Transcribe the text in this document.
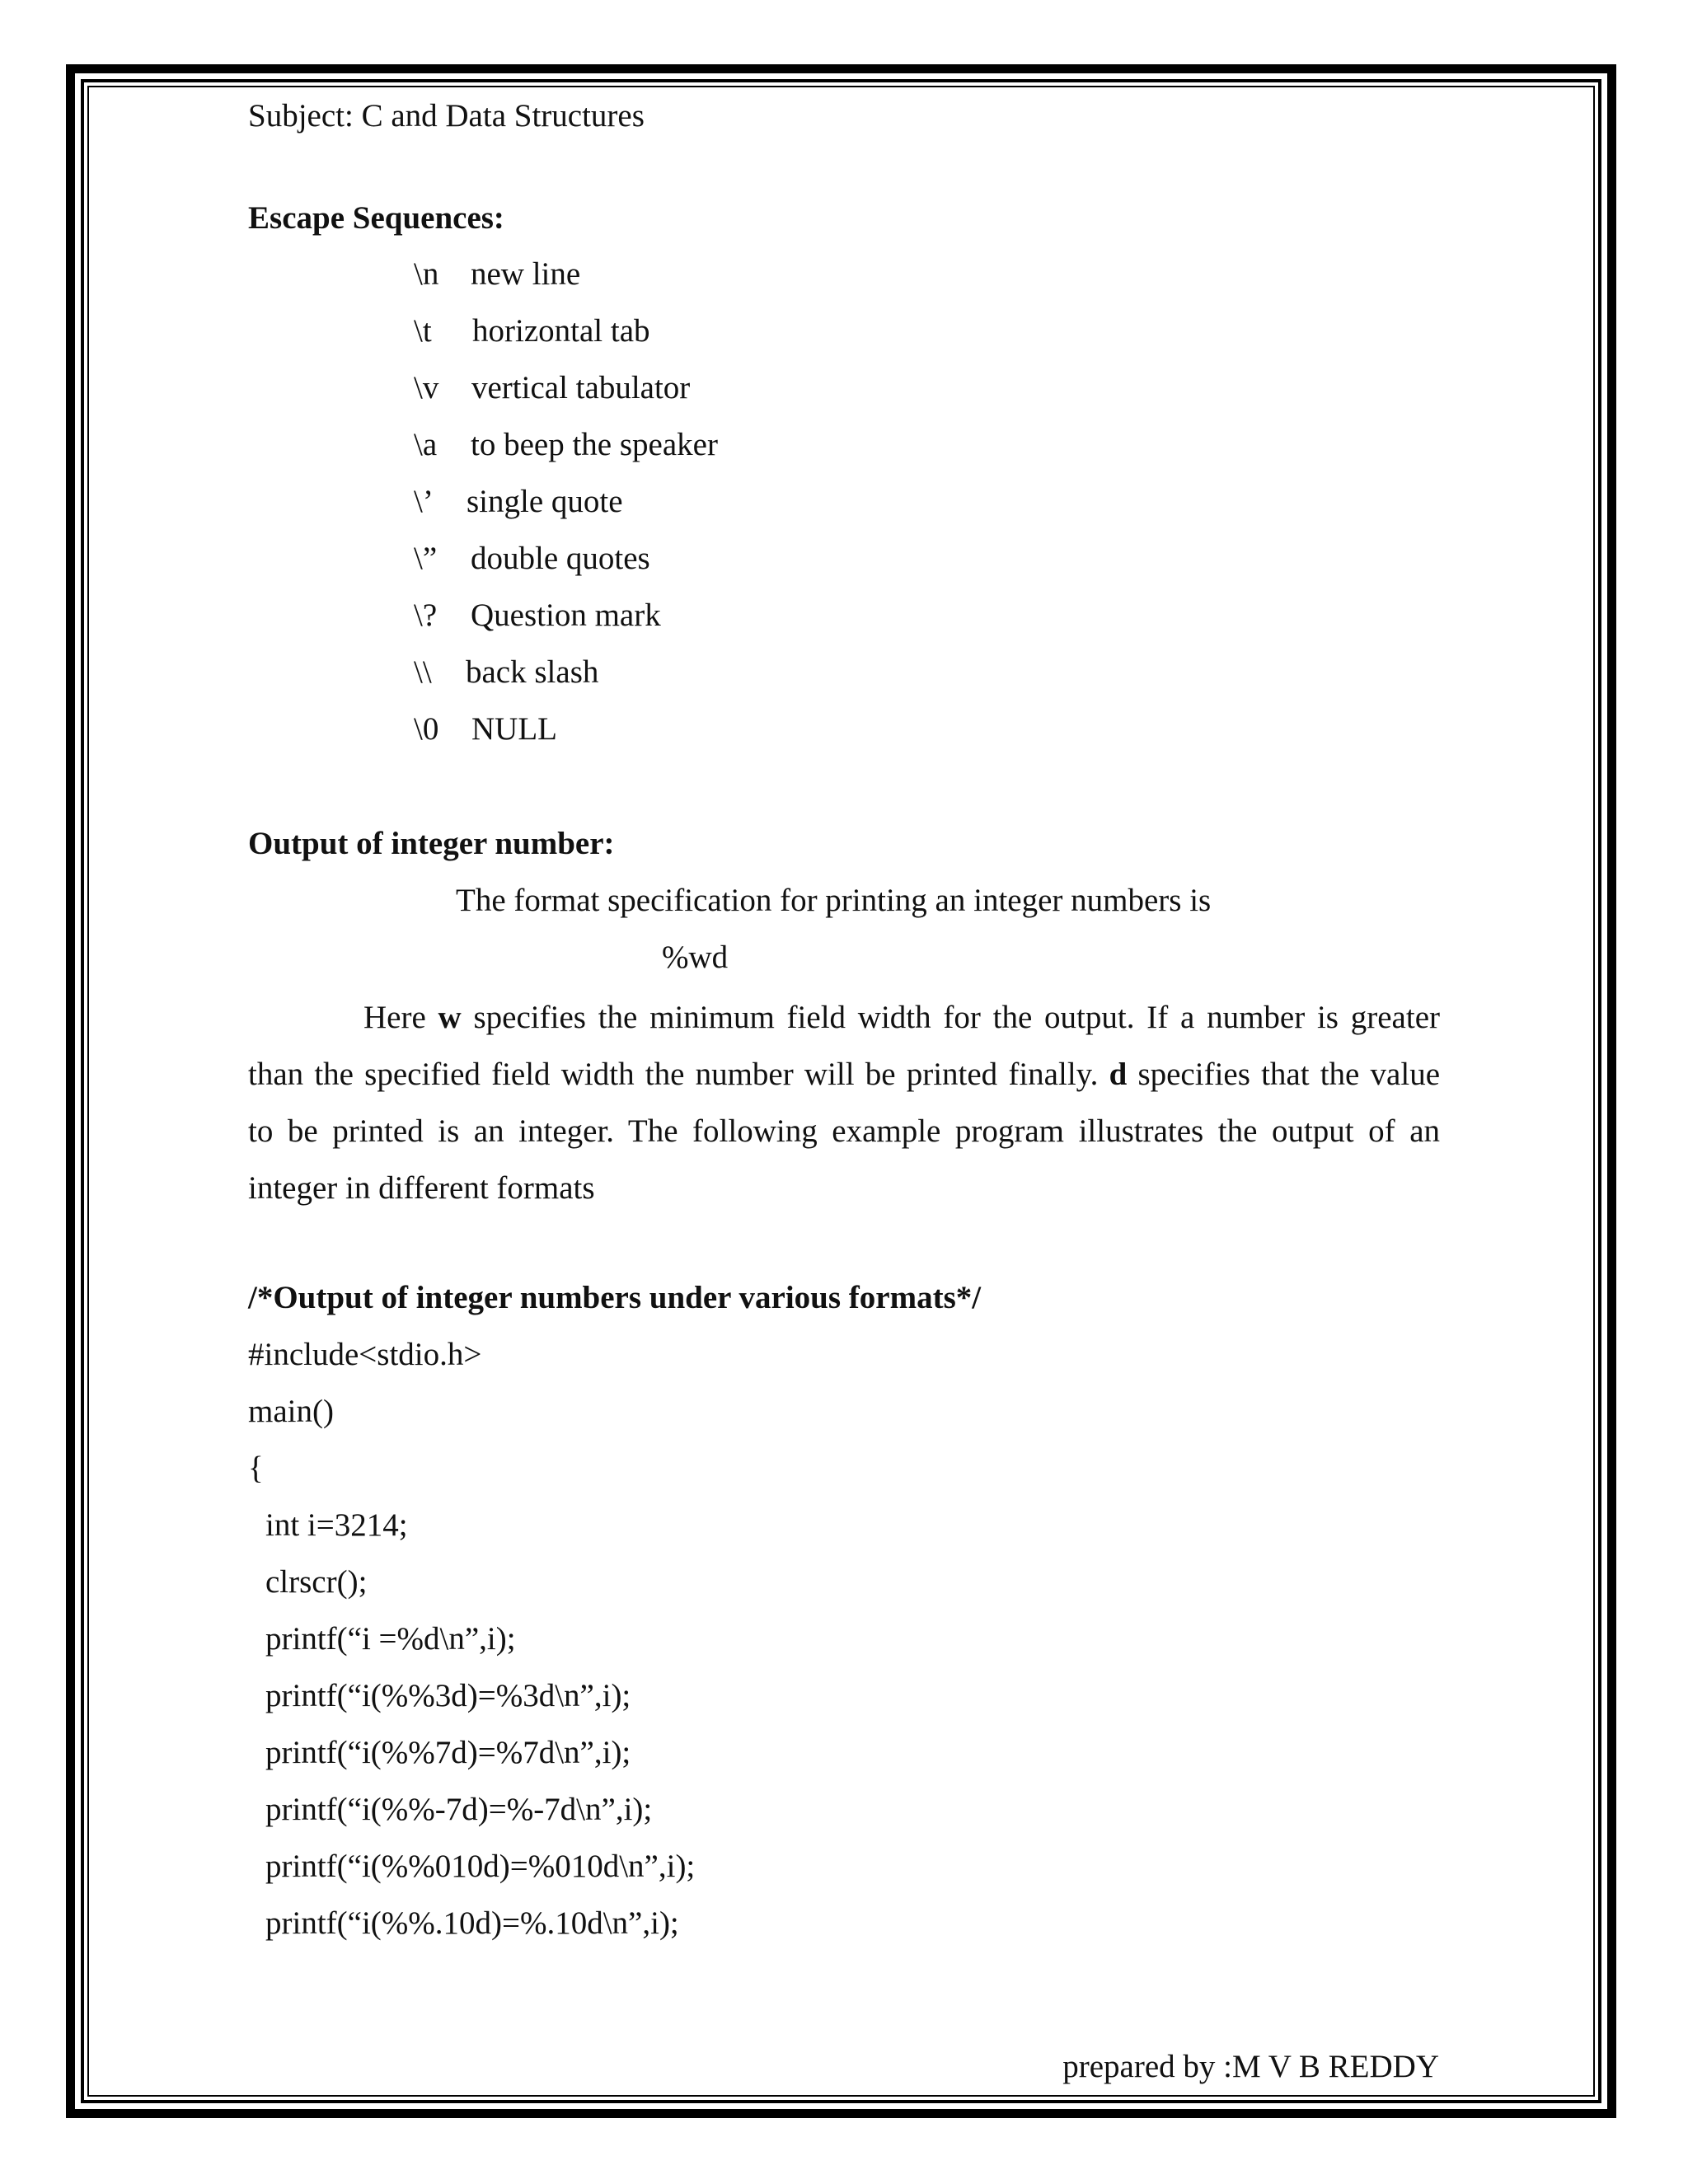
Subject: C and Data Structures
Escape Sequences:
\n new line
\t horizontal tab
\v vertical tabulator
\a to beep the speaker
\’ single quote
\” double quotes
\? Question mark
\\ back slash
\0 NULL
Output of integer number:
The format specification for printing an integer numbers is
%wd
Here w specifies the minimum field width for the output. If a number is greater
than the specified field width the number will be printed finally. d specifies that the value
to be printed is an integer. The following example program illustrates the output of an
integer in different formats
/*Output of integer numbers under various formats*/
#include<stdio.h>
main()
{
int i=3214;
clrscr();
printf(“i =%d\n”,i);
printf(“i(%%3d)=%3d\n”,i);
printf(“i(%%7d)=%7d\n”,i);
printf(“i(%%-7d)=%-7d\n”,i);
printf(“i(%%010d)=%010d\n”,i);
printf(“i(%%.10d)=%.10d\n”,i);
prepared by :M V B REDDY
